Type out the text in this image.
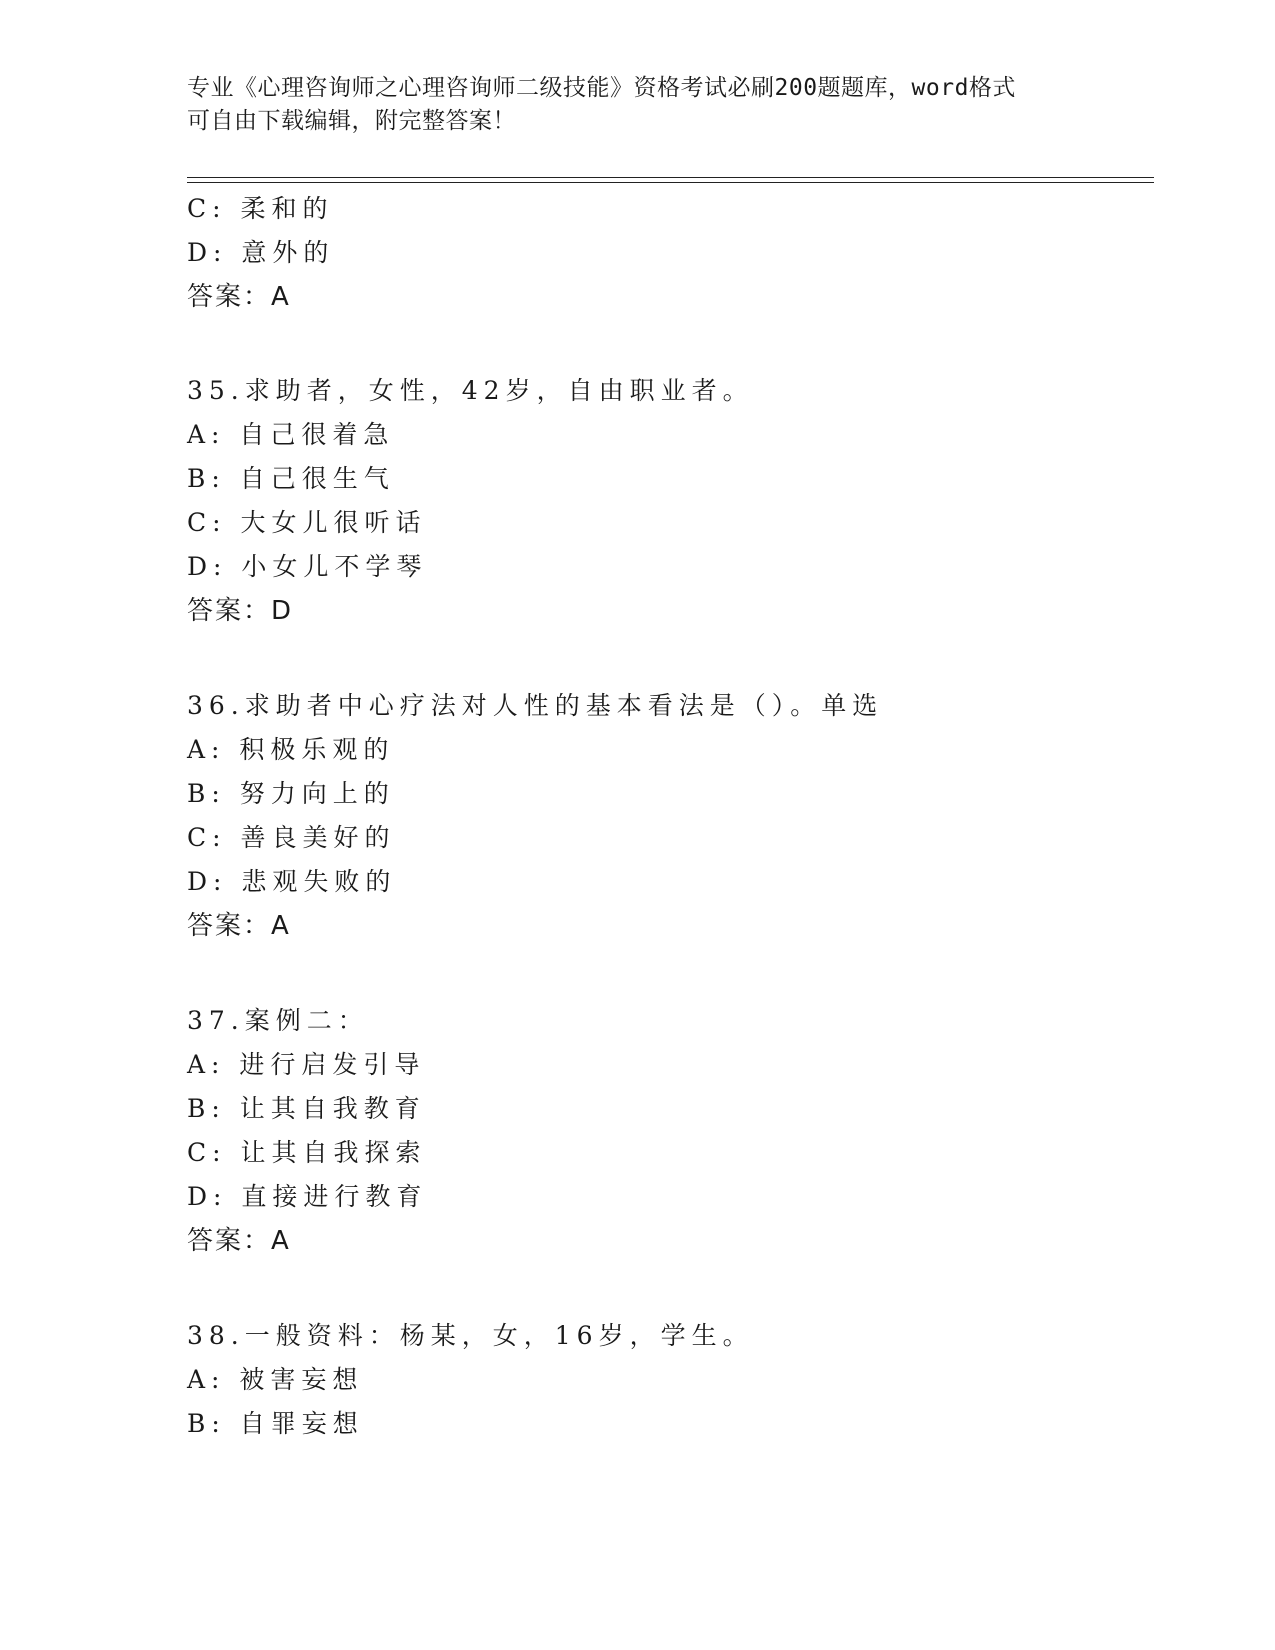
专业《心理咨询师之心理咨询师二级技能》资格考试必刷200题题库，word格式
可自由下载编辑，附完整答案！
C: 柔和的
D: 意外的
答案：A
35.求助者，女性，42岁，自由职业者。
A: 自己很着急
B: 自己很生气
C: 大女儿很听话
D: 小女儿不学琴
答案：D
36.求助者中心疗法对人性的基本看法是（）。单选
A: 积极乐观的
B: 努力向上的
C: 善良美好的
D: 悲观失败的
答案：A
37.案例二：
A: 进行启发引导
B: 让其自我教育
C: 让其自我探索
D: 直接进行教育
答案：A
38.一般资料：杨某，女，16岁，学生。
A: 被害妄想
B: 自罪妄想
